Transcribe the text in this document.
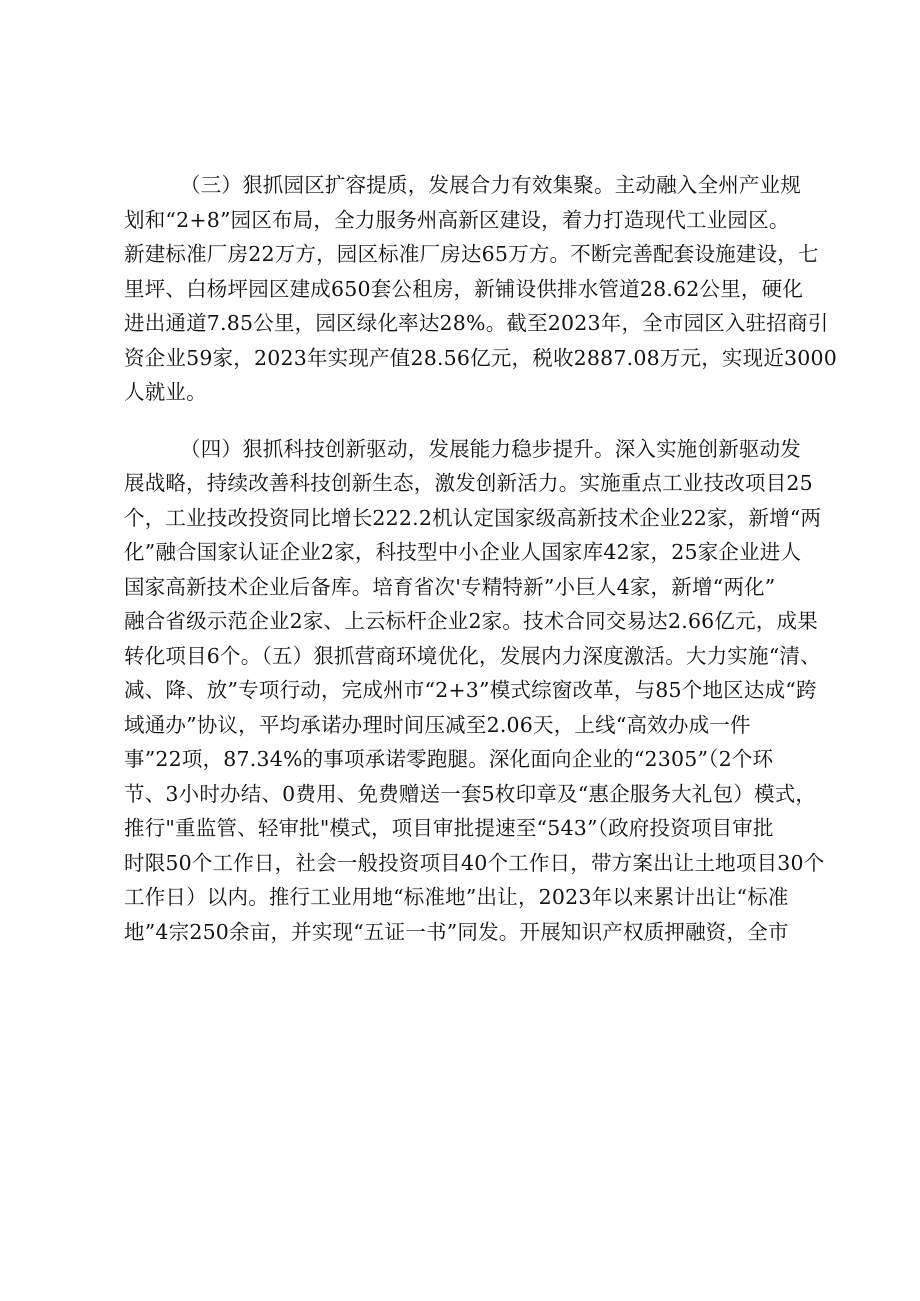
（三）狠抓园区扩容提质，发展合力有效集聚。主动融入全州产业规
划和“2+8”园区布局，全力服务州高新区建设，着力打造现代工业园区。
新建标准厂房22万方，园区标准厂房达65万方。不断完善配套设施建设，七
里坪、白杨坪园区建成650套公租房，新铺设供排水管道28.62公里，硬化
进出通道7.85公里，园区绿化率达28%。截至2023年，全市园区入驻招商引
资企业59家，2023年实现产值28.56亿元，税收2887.08万元，实现近3000
人就业。
（四）狠抓科技创新驱动，发展能力稳步提升。深入实施创新驱动发
展战略，持续改善科技创新生态，激发创新活力。实施重点工业技改项目25
个，工业技改投资同比增长222.2机认定国家级高新技术企业22家，新增“两
化”融合国家认证企业2家，科技型中小企业人国家库42家，25家企业进人
国家高新技术企业后备库。培育省次'专精特新”小巨人4家，新增“两化”
融合省级示范企业2家、上云标杆企业2家。技术合同交易达2.66亿元，成果
转化项目6个。（五）狠抓营商环境优化，发展内力深度激活。大力实施“清、
减、降、放”专项行动，完成州市“2+3”模式综窗改革，与85个地区达成“跨
域通办”协议，平均承诺办理时间压减至2.06天，上线“高效办成一件
事”22项，87.34%的事项承诺零跑腿。深化面向企业的“2305”（2个环
节、3小时办结、0费用、免费赠送一套5枚印章及“惠企服务大礼包）模式，
推行"重监管、轻审批"模式，项目审批提速至“543”（政府投资项目审批
时限50个工作日，社会一般投资项目40个工作日，带方案出让土地项目30个
工作日）以内。推行工业用地“标准地”出让，2023年以来累计出让“标准
地”4宗250余亩，并实现“五证一书”同发。开展知识产权质押融资，全市
